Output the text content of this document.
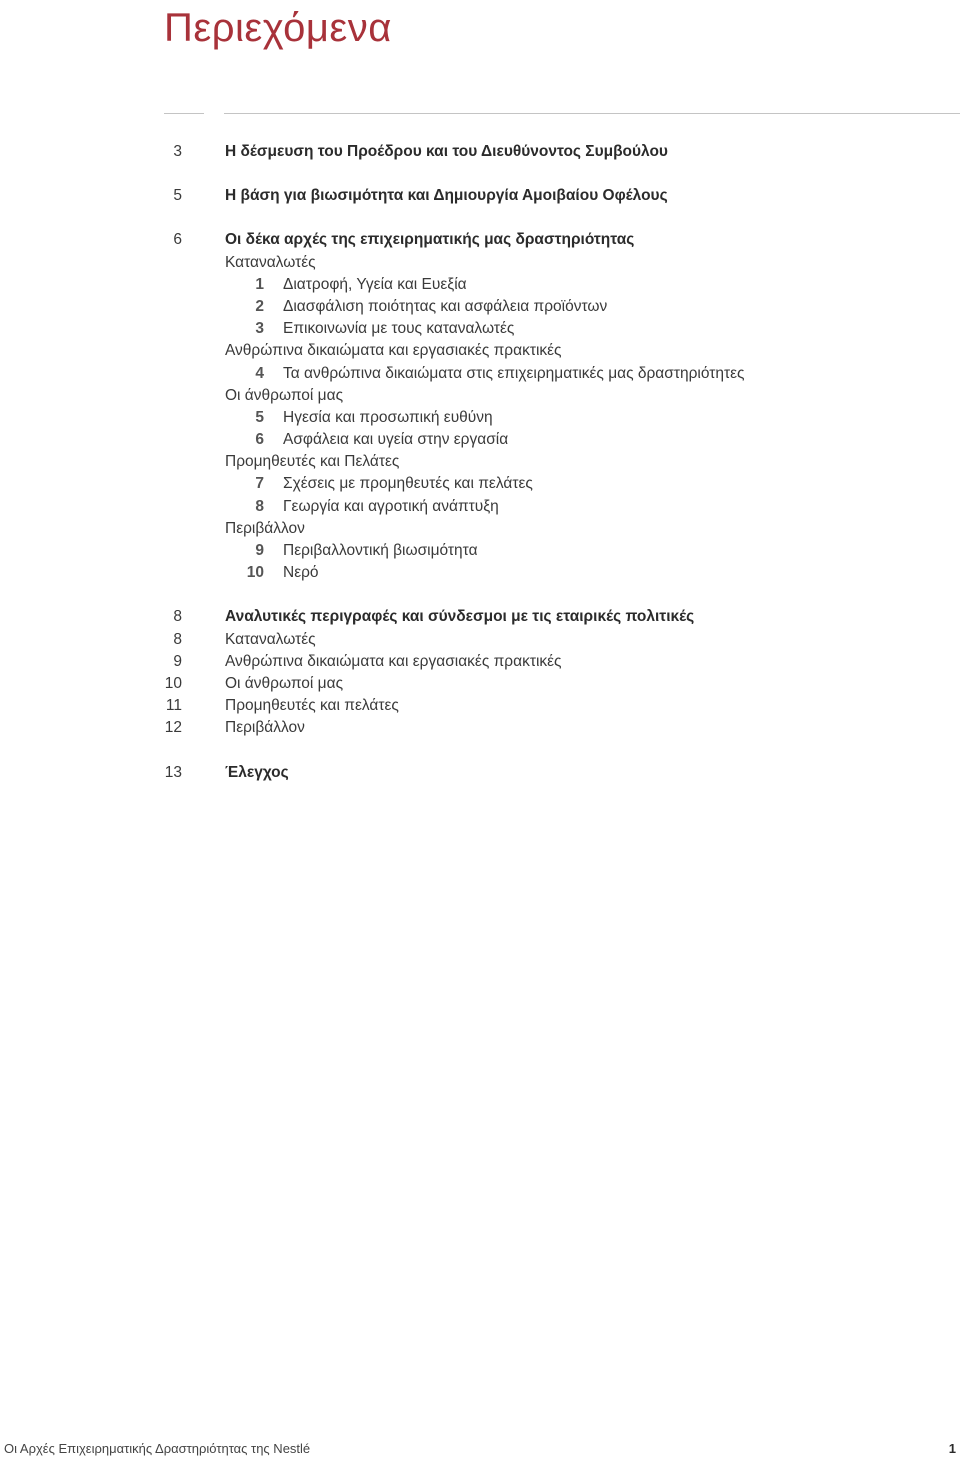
Περιεχόμενα
3	Η δέσμευση του Προέδρου και του Διευθύνοντος Συμβούλου
5	Η βάση για βιωσιμότητα και Δημιουργία Αμοιβαίου Οφέλους
6	Οι δέκα αρχές της επιχειρηματικής μας δραστηριότητας
Καταναλωτές
1 Διατροφή, Υγεία και Ευεξία
2 Διασφάλιση ποιότητας και ασφάλεια προϊόντων
3 Επικοινωνία με τους καταναλωτές
Ανθρώπινα δικαιώματα και εργασιακές πρακτικές
4 Τα ανθρώπινα δικαιώματα στις επιχειρηματικές μας δραστηριότητες
Οι άνθρωποί μας
5 Ηγεσία και προσωπική ευθύνη
6 Ασφάλεια και υγεία στην εργασία
Προμηθευτές και Πελάτες
7 Σχέσεις με προμηθευτές και πελάτες
8 Γεωργία και αγροτική ανάπτυξη
Περιβάλλον
9 Περιβαλλοντική βιωσιμότητα
10 Νερό
8	Αναλυτικές περιγραφές και σύνδεσμοι με τις εταιρικές πολιτικές
8	Καταναλωτές
9	Ανθρώπινα δικαιώματα και εργασιακές πρακτικές
10	Οι άνθρωποί μας
11	Προμηθευτές και πελάτες
12	Περιβάλλον
13	Έλεγχος
Οι Αρχές Επιχειρηματικής Δραστηριότητας της Nestlé	1
